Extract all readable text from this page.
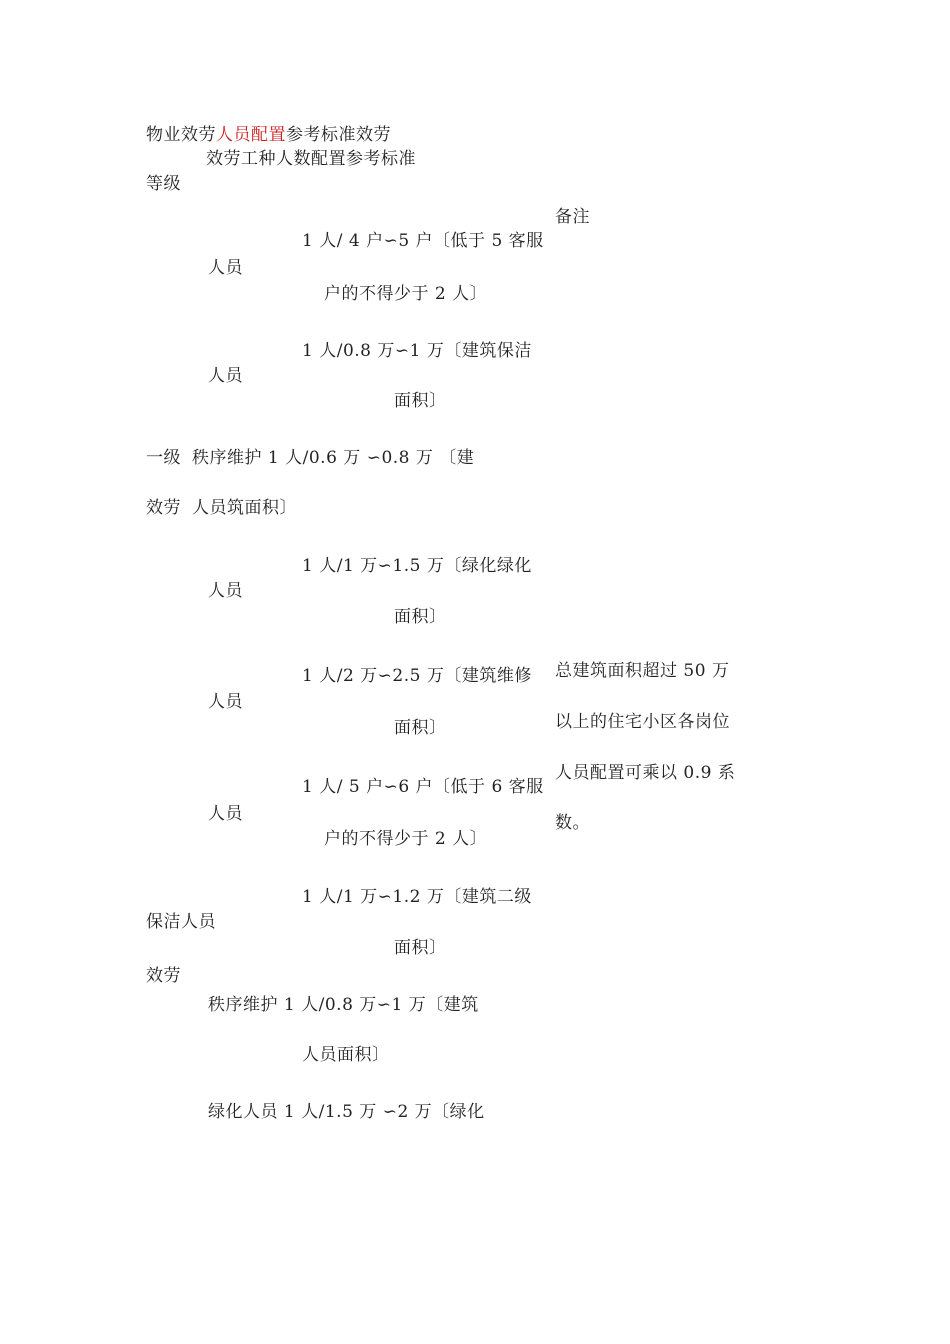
物业效劳人员配置参考标准效劳
效劳工种人数配置参考标准
等级
备注
1 人/ 4 户∽5 户〔低于 5 客服
人员
户的不得少于 2 人〕
1 人/0.8 万∽1 万〔建筑保洁
人员
面积〕
一级 秩序维护 1 人/0.6 万 ∽0.8 万 〔建
效劳 人员筑面积〕
1 人/1 万∽1.5 万〔绿化绿化
人员
面积〕
1 人/2 万∽2.5 万〔建筑维修
人员
面积〕
总建筑面积超过 50 万
以上的住宅小区各岗位
人员配置可乘以 0.9 系
数。
1 人/ 5 户∽6 户〔低于 6 客服
人员
户的不得少于 2 人〕
1 人/1 万∽1.2 万〔建筑二级
保洁人员
面积〕
效劳
秩序维护 1 人/0.8 万∽1 万〔建筑
人员面积〕
绿化人员 1 人/1.5 万 ∽2 万〔绿化
